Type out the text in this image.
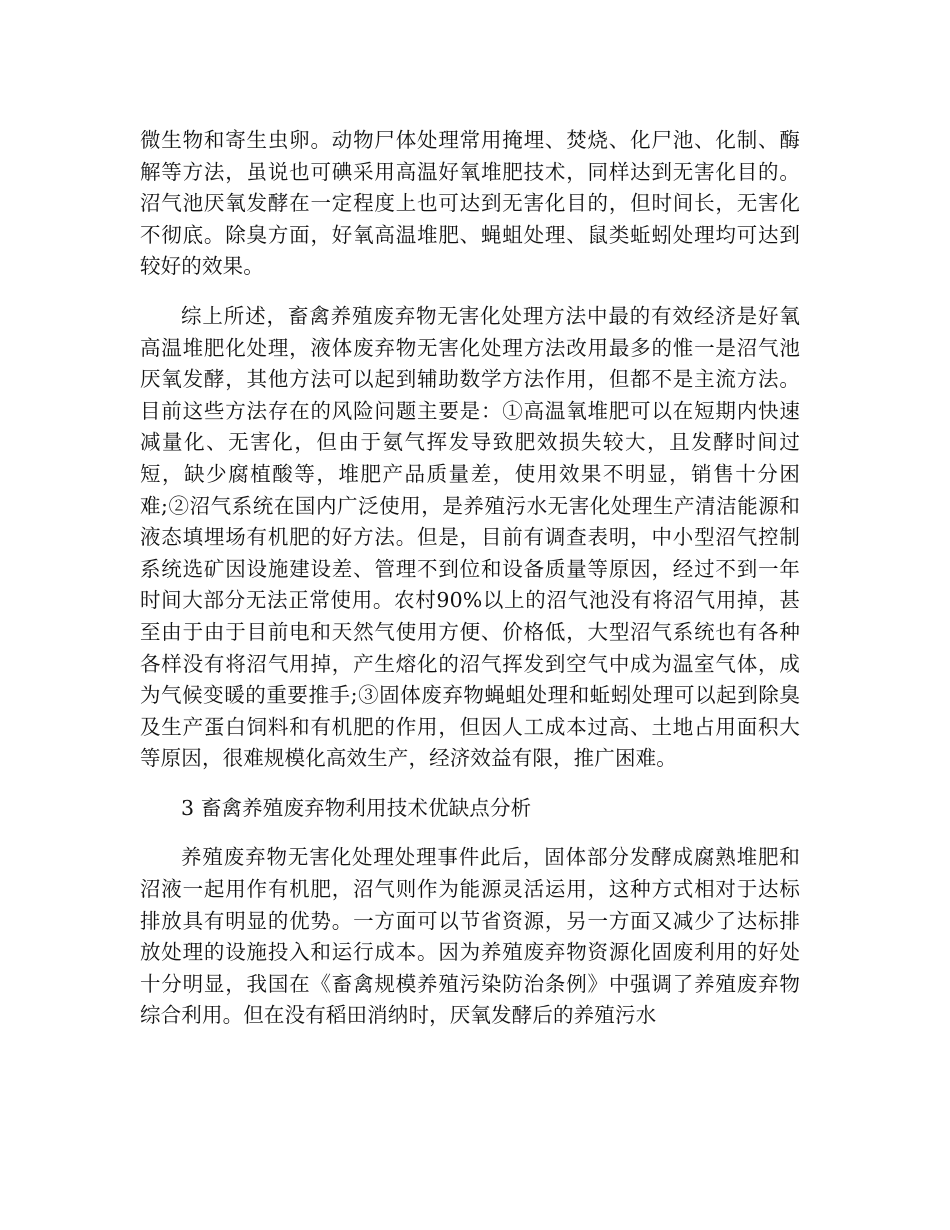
微生物和寄生虫卵。动物尸体处理常用掩埋、焚烧、化尸池、化制、酶解等方法，虽说也可碘采用高温好氧堆肥技术，同样达到无害化目的。沼气池厌氧发酵在一定程度上也可达到无害化目的，但时间长，无害化不彻底。除臭方面，好氧高温堆肥、蝇蛆处理、鼠类蚯蚓处理均可达到较好的效果。

综上所述，畜禽养殖废弃物无害化处理方法中最的有效经济是好氧高温堆肥化处理，液体废弃物无害化处理方法改用最多的惟一是沼气池厌氧发酵，其他方法可以起到辅助数学方法作用，但都不是主流方法。目前这些方法存在的风险问题主要是：①高温氧堆肥可以在短期内快速减量化、无害化，但由于氨气挥发导致肥效损失较大，且发酵时间过短，缺少腐植酸等，堆肥产品质量差，使用效果不明显，销售十分困难;②沼气系统在国内广泛使用，是养殖污水无害化处理生产清洁能源和液态填埋场有机肥的好方法。但是，目前有调查表明，中小型沼气控制系统选矿因设施建设差、管理不到位和设备质量等原因，经过不到一年时间大部分无法正常使用。农村90%以上的沼气池没有将沼气用掉，甚至由于由于目前电和天然气使用方便、价格低，大型沼气系统也有各种各样没有将沼气用掉，产生熔化的沼气挥发到空气中成为温室气体，成为气候变暖的重要推手;③固体废弃物蝇蛆处理和蚯蚓处理可以起到除臭及生产蛋白饲料和有机肥的作用，但因人工成本过高、土地占用面积大等原因，很难规模化高效生产，经济效益有限，推广困难。

3 畜禽养殖废弃物利用技术优缺点分析

养殖废弃物无害化处理处理事件此后，固体部分发酵成腐熟堆肥和沼液一起用作有机肥，沼气则作为能源灵活运用，这种方式相对于达标排放具有明显的优势。一方面可以节省资源，另一方面又减少了达标排放处理的设施投入和运行成本。因为养殖废弃物资源化固废利用的好处十分明显，我国在《畜禽规模养殖污染防治条例》中强调了养殖废弃物综合利用。但在没有稻田消纳时，厌氧发酵后的养殖污水
